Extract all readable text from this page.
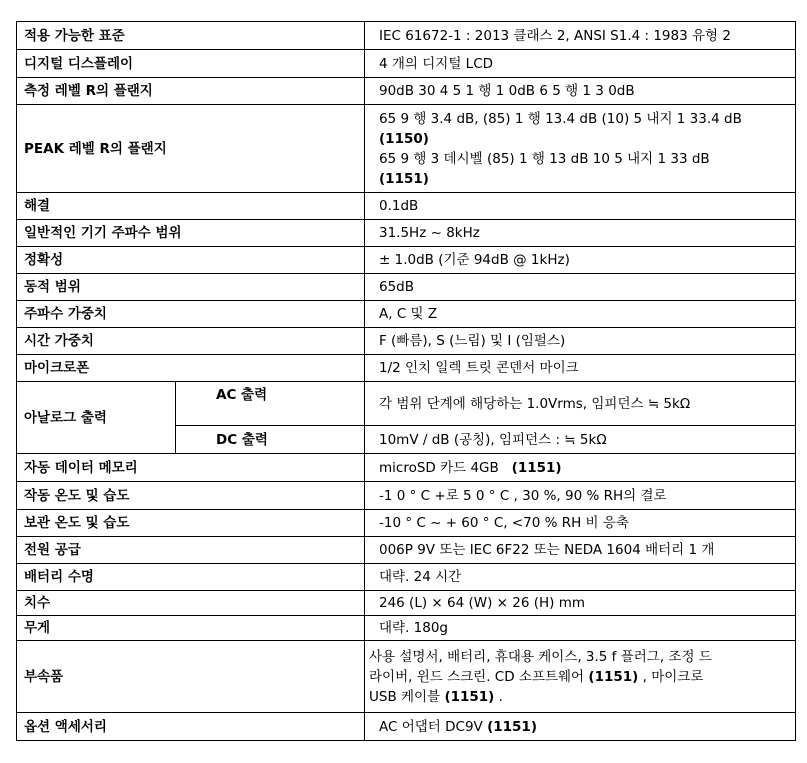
적용 가능한 표준		IEC 61672-1 : 2013 클래스 2, ANSI S1.4 : 1983 유형 2
디지털 디스플레이		4 개의 디지털 LCD
측정 레벨 R의 플랜지		90dB 30 4 5 1 행 1 0dB 6 5 행 1 3 0dB
PEAK 레벨 R의 플랜지		65 9 행 3.4 dB, (85) 1 행 13.4 dB (10) 5 내지 1 33.4 dB
(1150)
65 9 행 3 데시벨 (85) 1 행 13 dB 10 5 내지 1 33 dB
(1151)

해결		0.1dB
일반적인 기기 주파수 범위		31.5Hz ~ 8kHz
정확성		± 1.0dB (기준 94dB @ 1kHz)
동적 범위		65dB
주파수 가중치		A, C 및 Z
시간 가중치		F (빠름), S (느림) 및 I (임펄스)
마이크로폰		1/2 인치 일렉 트릿 콘덴서 마이크
아날로그 출력	AC 출력	각 범위 단계에 해당하는 1.0Vrms, 임피던스 ≒ 5kΩ
	DC 출력	10mV / dB (공칭), 임피던스 : ≒ 5kΩ
자동 데이터 메모리		microSD 카드 4GB (1151)
작동 온도 및 습도		-1 0 ° C +로 5 0 ° C , 30 %, 90 % RH의 결로
보관 온도 및 습도		-10 ° C ~ + 60 ° C, <70 % RH 비 응축
전원 공급		006P 9V 또는 IEC 6F22 또는 NEDA 1604 배터리 1 개
배터리 수명		대략. 24 시간
치수		246 (L) × 64 (W) × 26 (H) mm
무게		대략. 180g
부속품		사용 설명서, 배터리, 휴대용 케이스, 3.5 f 플러그, 조정 드
라이버, 윈드 스크린. CD 소프트웨어 (1151) , 마이크로
USB 케이블 (1151) .

옵션 액세서리		AC 어댑터 DC9V (1151)
